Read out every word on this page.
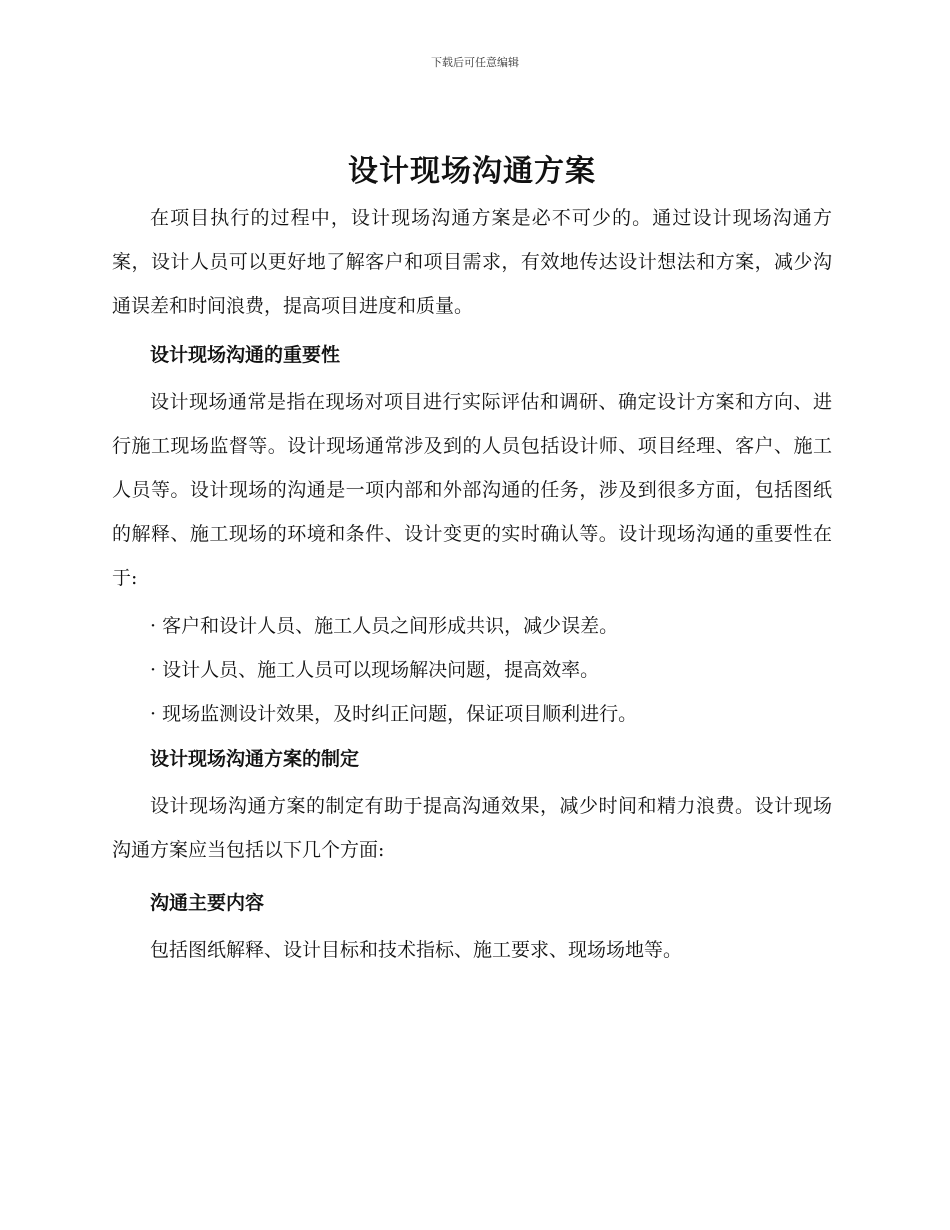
下载后可任意编辑
设计现场沟通方案

在项目执行的过程中，设计现场沟通方案是必不可少的。通过设计现场沟通方案，设计人员可以更好地了解客户和项目需求，有效地传达设计想法和方案，减少沟通误差和时间浪费，提高项目进度和质量。

设计现场沟通的重要性

设计现场通常是指在现场对项目进行实际评估和调研、确定设计方案和方向、进行施工现场监督等。设计现场通常涉及到的人员包括设计师、项目经理、客户、施工人员等。设计现场的沟通是一项内部和外部沟通的任务，涉及到很多方面，包括图纸的解释、施工现场的环境和条件、设计变更的实时确认等。设计现场沟通的重要性在于:

· 客户和设计人员、施工人员之间形成共识，减少误差。
· 设计人员、施工人员可以现场解决问题，提高效率。
· 现场监测设计效果，及时纠正问题，保证项目顺利进行。
设计现场沟通方案的制定

设计现场沟通方案的制定有助于提高沟通效果，减少时间和精力浪费。设计现场沟通方案应当包括以下几个方面:

沟通主要内容

包括图纸解释、设计目标和技术指标、施工要求、现场场地等。
